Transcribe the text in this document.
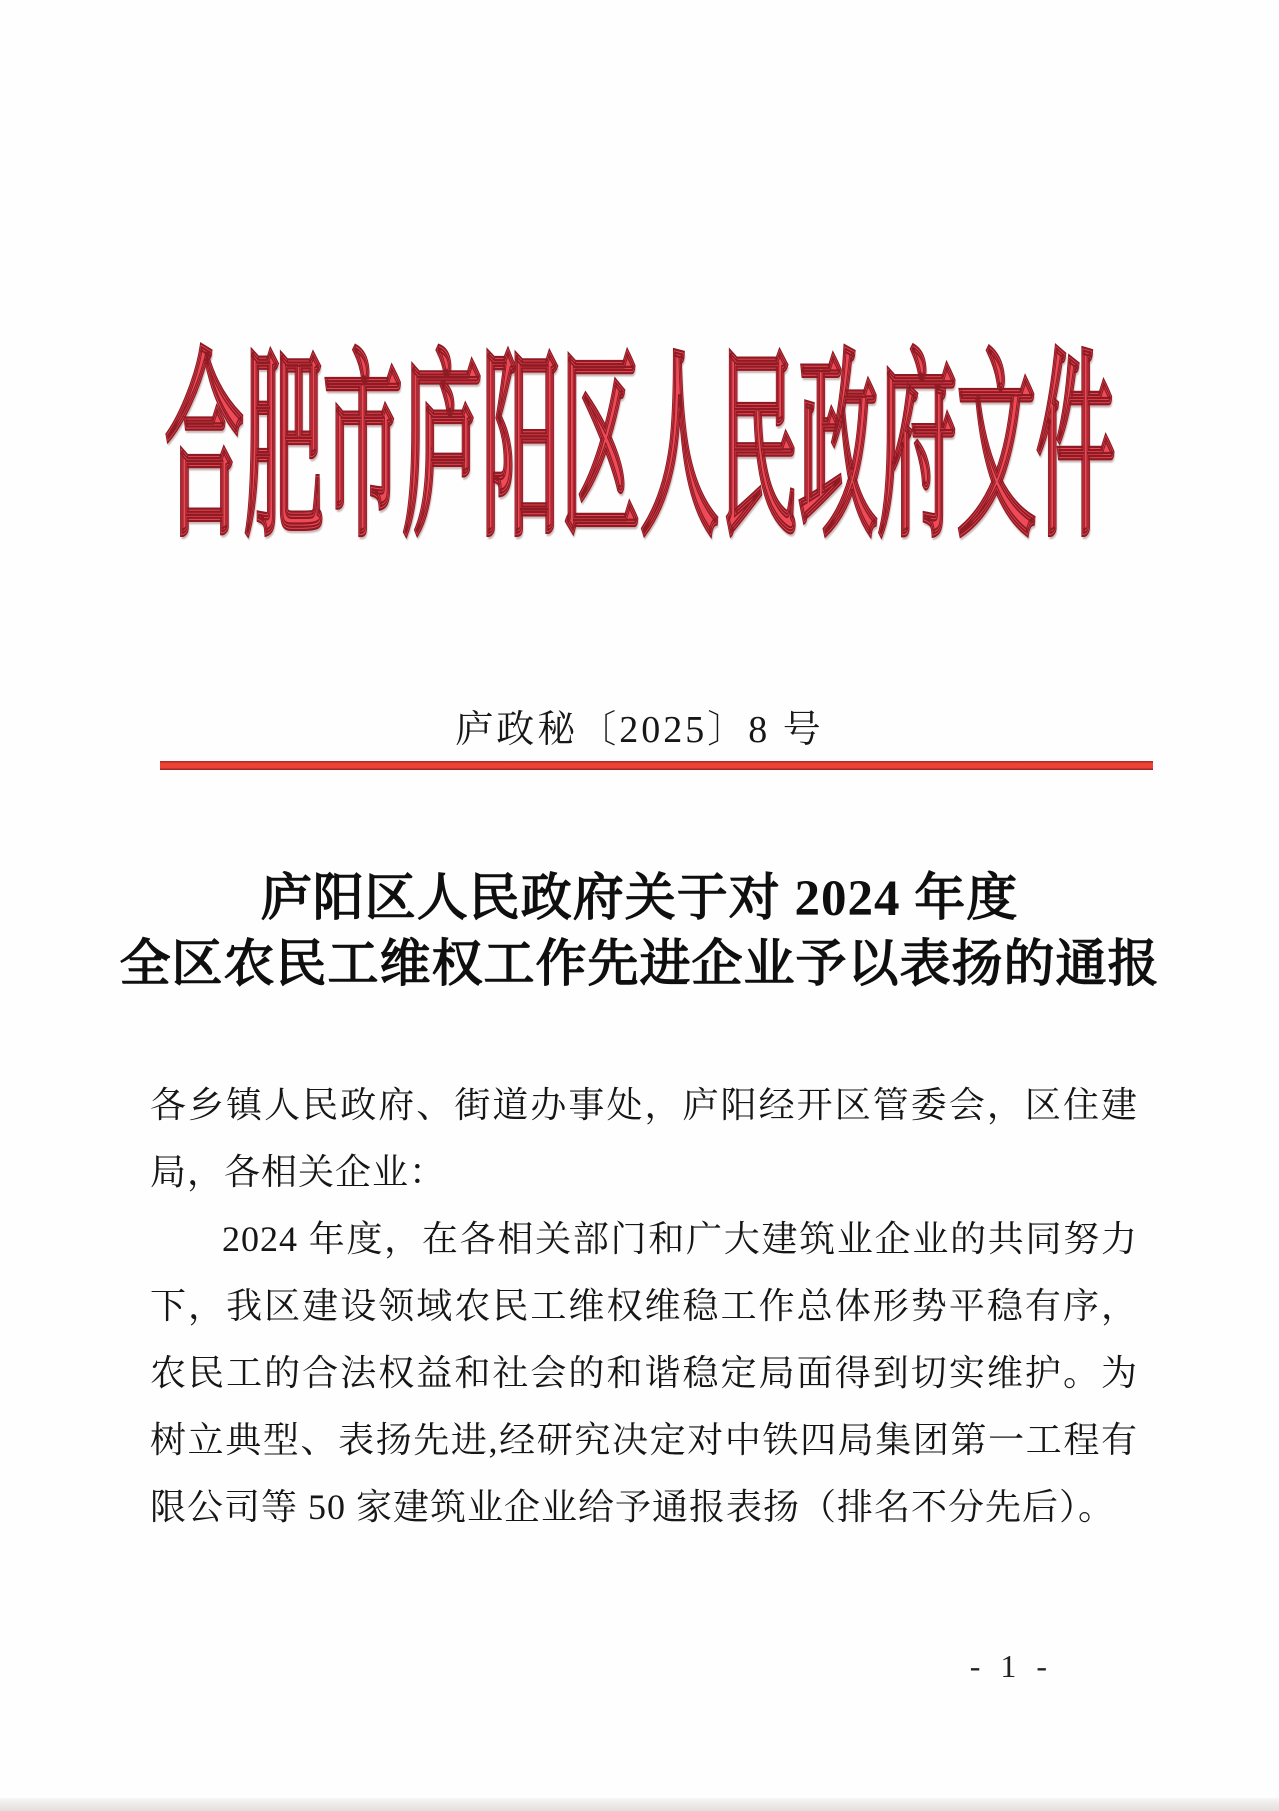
合肥市庐阳区人民政府文件
庐政秘〔2025〕8 号
庐阳区人民政府关于对 2024 年度
全区农民工维权工作先进企业予以表扬的通报

各乡镇人民政府、街道办事处，庐阳经开区管委会，区住建局，各相关企业：

2024 年度，在各相关部门和广大建筑业企业的共同努力下，我区建设领域农民工维权维稳工作总体形势平稳有序，农民工的合法权益和社会的和谐稳定局面得到切实维护。为树立典型、表扬先进,经研究决定对中铁四局集团第一工程有限公司等 50 家建筑业企业给予通报表扬（排名不分先后）。

- 1 -
